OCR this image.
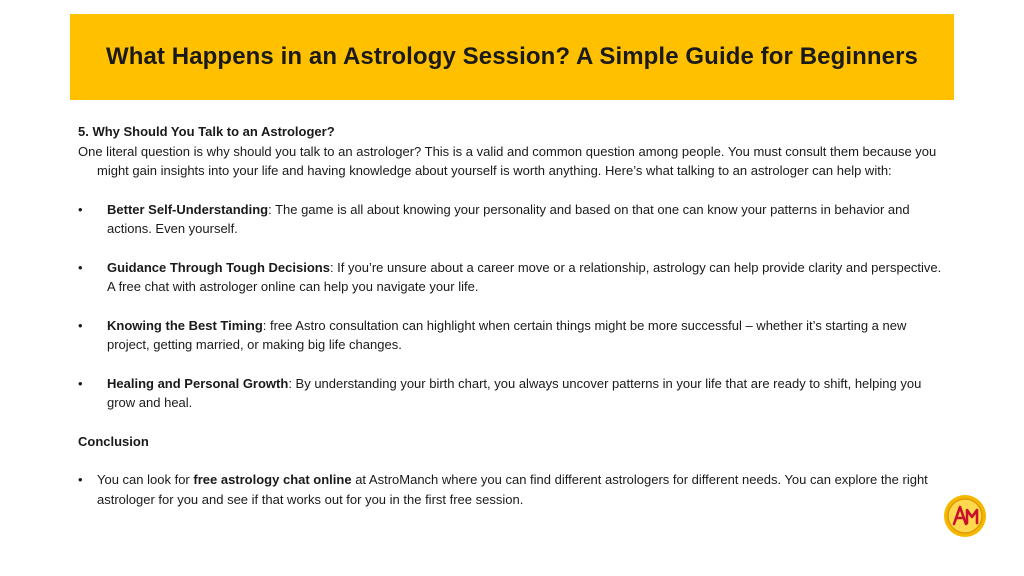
What Happens in an Astrology Session? A Simple Guide for Beginners

5. Why Should You Talk to an Astrologer?

One literal question is why should you talk to an astrologer? This is a valid and common question among people. You must consult them because you might gain insights into your life and having knowledge about yourself is worth anything. Here’s what talking to an astrologer can help with:

• Better Self-Understanding: The game is all about knowing your personality and based on that one can know your patterns in behavior and actions. Even yourself.
• Guidance Through Tough Decisions: If you’re unsure about a career move or a relationship, astrology can help provide clarity and perspective. A free chat with astrologer online can help you navigate your life.
• Knowing the Best Timing: free Astro consultation can highlight when certain things might be more successful – whether it’s starting a new project, getting married, or making big life changes.
• Healing and Personal Growth: By understanding your birth chart, you always uncover patterns in your life that are ready to shift, helping you grow and heal.

Conclusion

• You can look for free astrology chat online at AstroManch where you can find different astrologers for different needs. You can explore the right astrologer for you and see if that works out for you in the first free session.
